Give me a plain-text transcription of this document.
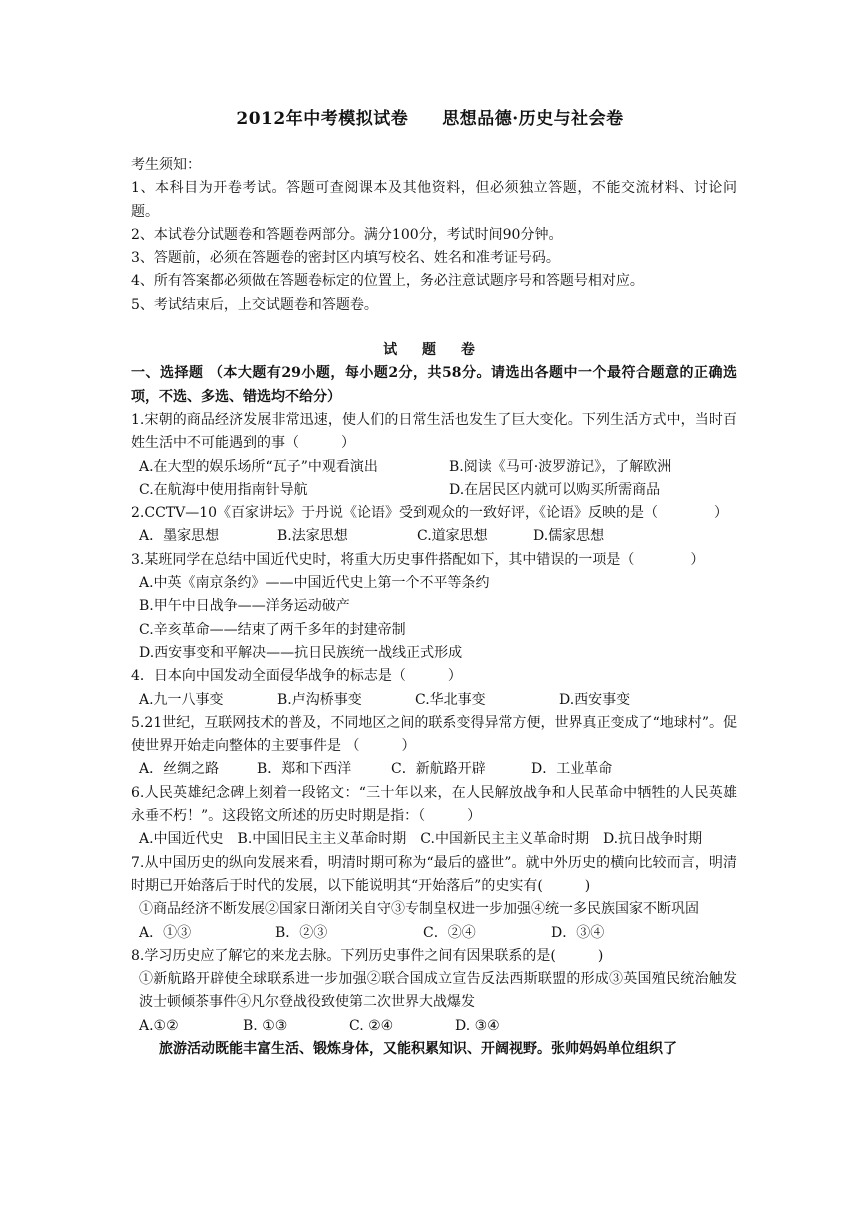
2012年中考模拟试卷 思想品德·历史与社会卷
考生须知：
1、本科目为开卷考试。答题可查阅课本及其他资料，但必须独立答题，不能交流材料、讨论问题。
2、本试卷分试题卷和答题卷两部分。满分100分，考试时间90分钟。
3、答题前，必须在答题卷的密封区内填写校名、姓名和准考证号码。
4、所有答案都必须做在答题卷标定的位置上，务必注意试题序号和答题号相对应。
5、考试结束后，上交试题卷和答题卷。
试 题 卷
一、选择题 （本大题有29小题，每小题2分，共58分。请选出各题中一个最符合题意的正确选项，不选、多选、错选均不给分）
1.宋朝的商品经济发展非常迅速，使人们的日常生活也发生了巨大变化。下列生活方式中，当时百姓生活中不可能遇到的事（　　　）
A.在大型的娱乐场所“瓦子”中观看演出	B.阅读《马可·波罗游记》，了解欧洲
C.在航海中使用指南针导航	D.在居民区内就可以购买所需商品
2.CCTV—10《百家讲坛》于丹说《论语》受到观众的一致好评，《论语》反映的是（　　　　）
A．墨家思想	B.法家思想	C.道家思想	D.儒家思想
3.某班同学在总结中国近代史时，将重大历史事件搭配如下，其中错误的一项是（　　　　）
A.中英《南京条约》——中国近代史上第一个不平等条约
B.甲午中日战争——洋务运动破产
C.辛亥革命——结束了两千多年的封建帝制
D.西安事变和平解决——抗日民族统一战线正式形成
4．日本向中国发动全面侵华战争的标志是（　　　）
A.九一八事变	B.卢沟桥事变	C.华北事变	D.西安事变
5.21世纪，互联网技术的普及，不同地区之间的联系变得异常方便，世界真正变成了“地球村”。促使世界开始走向整体的主要事件是 （　　　）
A．丝绸之路	B．郑和下西洋	C．新航路开辟	D．工业革命
6.人民英雄纪念碑上刻着一段铭文：“三十年以来，在人民解放战争和人民革命中牺牲的人民英雄永垂不朽！”。这段铭文所述的历史时期是指：（　　　）
A.中国近代史　B.中国旧民主主义革命时期　C.中国新民主主义革命时期　D.抗日战争时期
7.从中国历史的纵向发展来看，明清时期可称为“最后的盛世”。就中外历史的横向比较而言，明清时期已开始落后于时代的发展，以下能说明其“开始落后”的史实有(　　　)
①商品经济不断发展②国家日渐闭关自守③专制皇权进一步加强④统一多民族国家不断巩固
A．①③	B．②③	C．②④	D．③④
8.学习历史应了解它的来龙去脉。下列历史事件之间有因果联系的是(　　　)
①新航路开辟使全球联系进一步加强②联合国成立宣告反法西斯联盟的形成③英国殖民统治触发波士顿倾茶事件④凡尔登战役致使第二次世界大战爆发
A.①②	B. ①③	C. ②④	D. ③④
旅游活动既能丰富生活、锻炼身体，又能积累知识、开阔视野。张帅妈妈单位组织了
